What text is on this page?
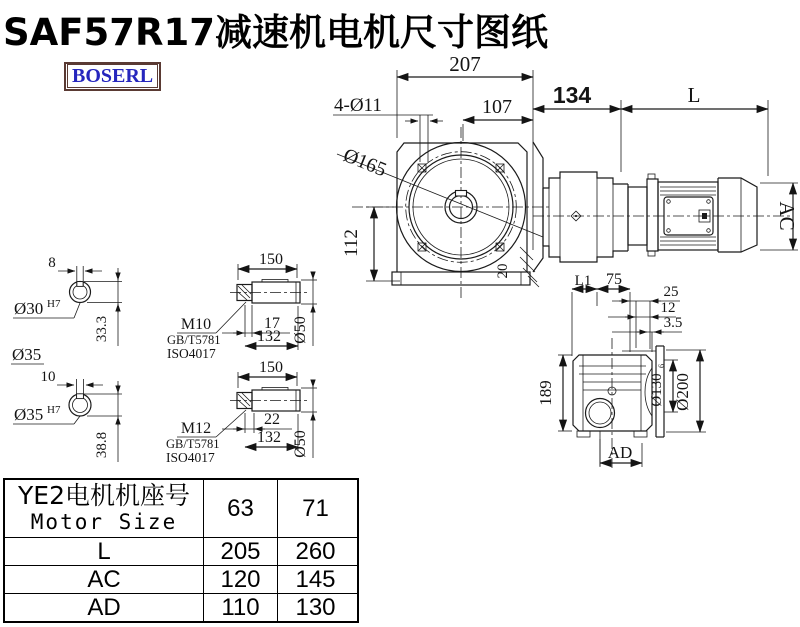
SAF57R17减速机电机尺寸图纸
BOSERL	207
107
4-Ø11
Ø165
112
20
134	L
AC
8
Ø30 H7
33.3
Ø35
10
Ø35 H7
38.8
150
17
132 Ø50
M10
GB/T5781
ISO4017
150
22
132 Ø50
M12
GB/T5781
ISO4017
L1 75
25
12
3.5
189	Ø130
6
Ø200
AD
YE2电机机座号
Motor Size
63	71
L	205	260
AC	120	145
AD	110	130
